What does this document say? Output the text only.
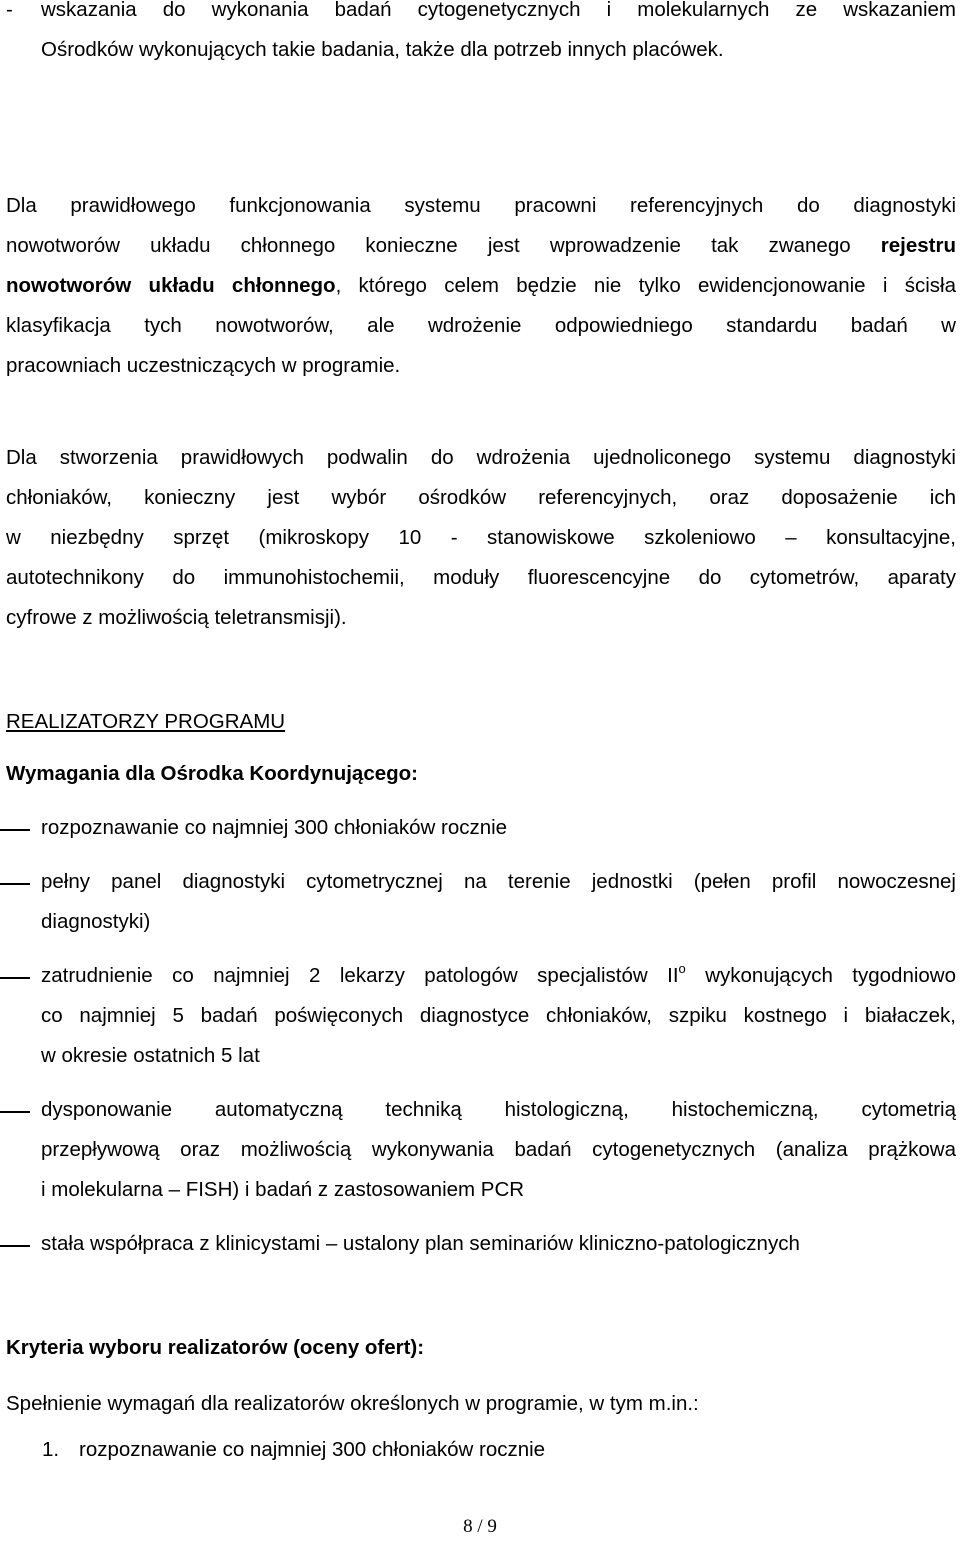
- wskazania do wykonania badań cytogenetycznych i molekularnych ze wskazaniem
Ośrodków wykonujących takie badania, także dla potrzeb innych placówek.
Dla prawidłowego funkcjonowania systemu pracowni referencyjnych do diagnostyki
nowotworów układu chłonnego konieczne jest wprowadzenie tak zwanego rejestru
nowotworów układu chłonnego, którego celem będzie nie tylko ewidencjonowanie i ścisła
klasyfikacja tych nowotworów, ale wdrożenie odpowiedniego standardu badań w
pracowniach uczestniczących w programie.
Dla stworzenia prawidłowych podwalin do wdrożenia ujednoliconego systemu diagnostyki
chłoniaków, konieczny jest wybór ośrodków referencyjnych, oraz doposażenie ich
w niezbędny sprzęt (mikroskopy 10 - stanowiskowe szkoleniowo – konsultacyjne,
autotechnikony do immunohistochemii, moduły fluorescencyjne do cytometrów, aparaty
cyfrowe z możliwością teletransmisji).
REALIZATORZY PROGRAMU
Wymagania dla Ośrodka Koordynującego:
rozpoznawanie co najmniej 300 chłoniaków rocznie
pełny panel diagnostyki cytometrycznej na terenie jednostki (pełen profil nowoczesnej
diagnostyki)
zatrudnienie co najmniej 2 lekarzy patologów specjalistów $II^o$ wykonujących tygodniowo
co najmniej 5 badań poświęconych diagnostyce chłoniaków, szpiku kostnego i białaczek,
w okresie ostatnich 5 lat
dysponowanie automatyczną techniką histologiczną, histochemiczną, cytometrią
przepływową oraz możliwością wykonywania badań cytogenetycznych (analiza prążkowa
i molekularna – FISH) i badań z zastosowaniem PCR
stała współpraca z klinicystami – ustalony plan seminariów kliniczno-patologicznych
Kryteria wyboru realizatorów (oceny ofert):
Spełnienie wymagań dla realizatorów określonych w programie, w tym m.in.:
1. rozpoznawanie co najmniej 300 chłoniaków rocznie
8 / 9
